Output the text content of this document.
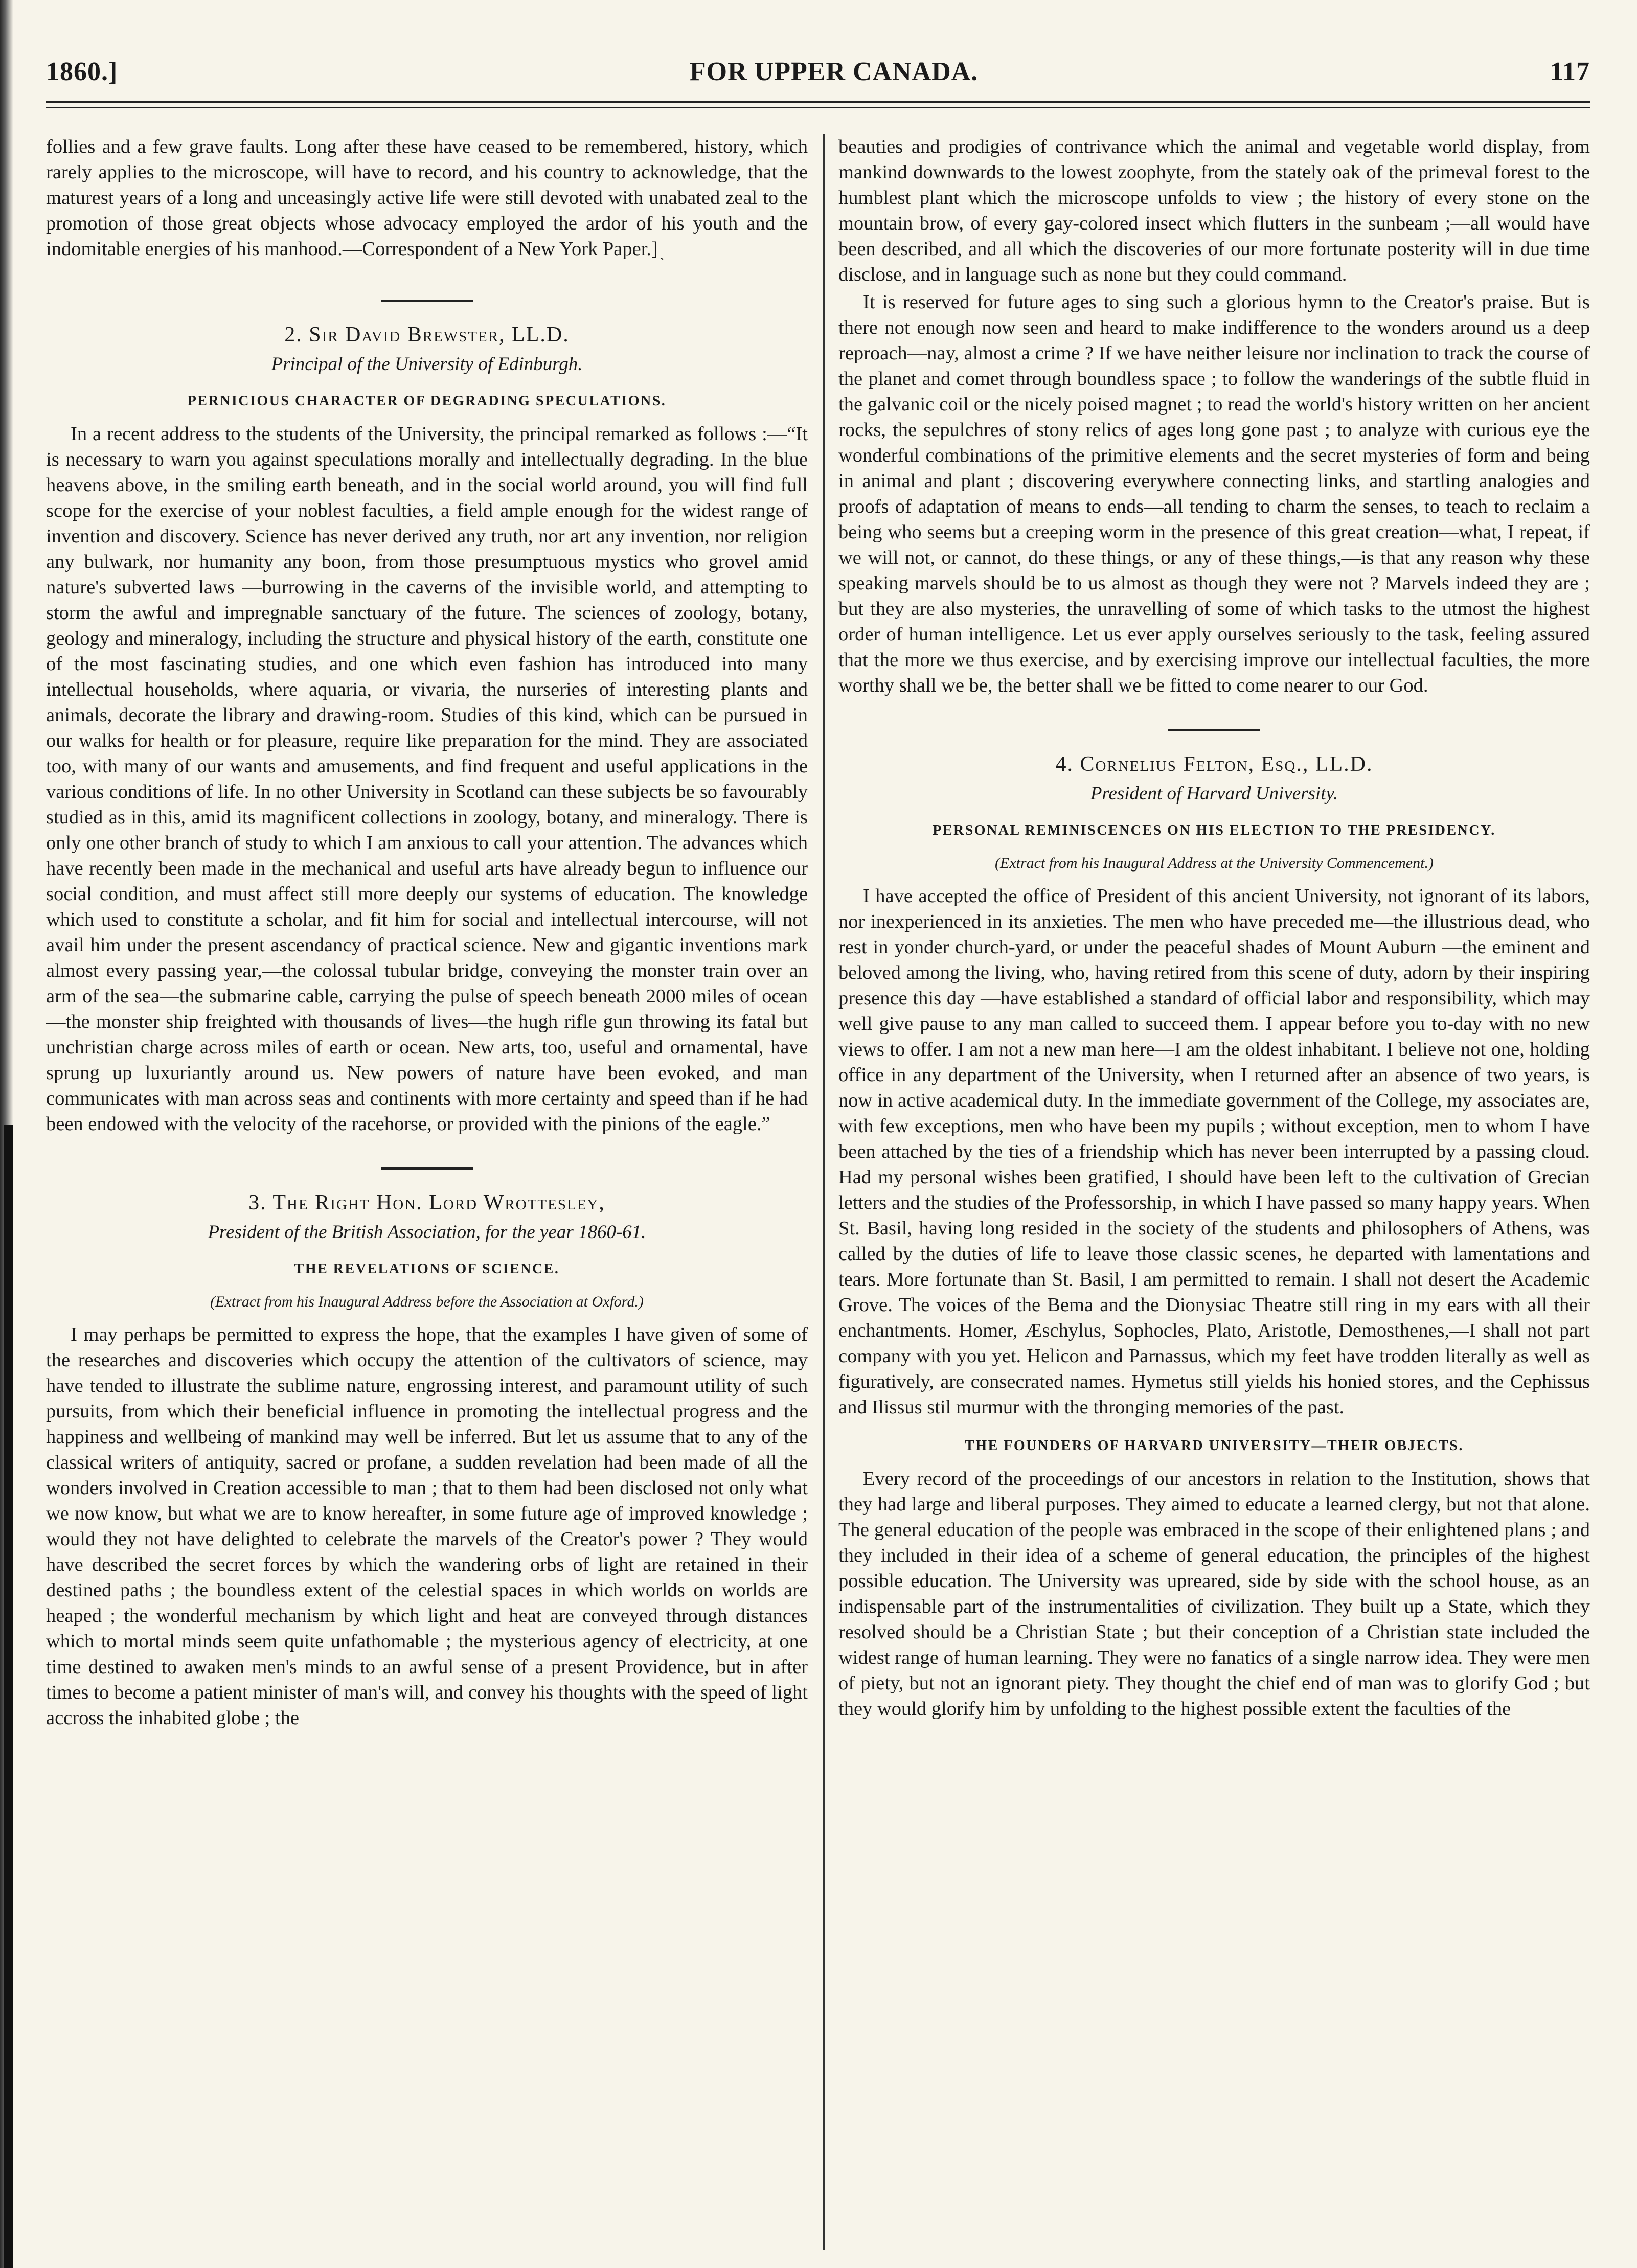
1860.]	FOR UPPER CANADA.	117

follies and a few grave faults. Long after these have ceased to be remembered, history, which rarely applies to the microscope, will have to record, and his country to acknowledge, that the maturest years of a long and unceasingly active life were still devoted with unabated zeal to the promotion of those great objects whose advocacy employed the ardor of his youth and the indomitable energies of his manhood.—Correspondent of a New York Paper.]

ˋ
2. Sir David Brewster, LL.D.
Principal of the University of Edinburgh.
PERNICIOUS CHARACTER OF DEGRADING SPECULATIONS.

In a recent address to the students of the University, the principal remarked as follows :—“It is necessary to warn you against speculations morally and intellectually degrading. In the blue heavens above, in the smiling earth beneath, and in the social world around, you will find full scope for the exercise of your noblest faculties, a field ample enough for the widest range of invention and discovery. Science has never derived any truth, nor art any invention, nor religion any bulwark, nor humanity any boon, from those presumptuous mystics who grovel amid nature's subverted laws —burrowing in the caverns of the invisible world, and attempting to storm the awful and impregnable sanctuary of the future. The sciences of zoology, botany, geology and mineralogy, including the structure and physical history of the earth, constitute one of the most fascinating studies, and one which even fashion has introduced into many intellectual households, where aquaria, or vivaria, the nurseries of interesting plants and animals, decorate the library and drawing-room. Studies of this kind, which can be pursued in our walks for health or for pleasure, require like preparation for the mind. They are associated too, with many of our wants and amusements, and find frequent and useful applications in the various conditions of life. In no other University in Scotland can these subjects be so favourably studied as in this, amid its magnificent collections in zoology, botany, and mineralogy. There is only one other branch of study to which I am anxious to call your attention. The advances which have recently been made in the mechanical and useful arts have already begun to influence our social condition, and must affect still more deeply our systems of education. The knowledge which used to constitute a scholar, and fit him for social and intellectual intercourse, will not avail him under the present ascendancy of practical science. New and gigantic inventions mark almost every passing year,—the colossal tubular bridge, conveying the monster train over an arm of the sea—the submarine cable, carrying the pulse of speech beneath 2000 miles of ocean—the monster ship freighted with thousands of lives—the hugh rifle gun throwing its fatal but unchristian charge across miles of earth or ocean. New arts, too, useful and ornamental, have sprung up luxuriantly around us. New powers of nature have been evoked, and man communicates with man across seas and continents with more certainty and speed than if he had been endowed with the velocity of the racehorse, or provided with the pinions of the eagle.”

3. The Right Hon. Lord Wrottesley,
President of the British Association, for the year 1860-61.
THE REVELATIONS OF SCIENCE.
(Extract from his Inaugural Address before the Association at Oxford.)

I may perhaps be permitted to express the hope, that the examples I have given of some of the researches and discoveries which occupy the attention of the cultivators of science, may have tended to illustrate the sublime nature, engrossing interest, and paramount utility of such pursuits, from which their beneficial influence in promoting the intellectual progress and the happiness and wellbeing of mankind may well be inferred. But let us assume that to any of the classical writers of antiquity, sacred or profane, a sudden revelation had been made of all the wonders involved in Creation accessible to man ; that to them had been disclosed not only what we now know, but what we are to know hereafter, in some future age of improved knowledge ; would they not have delighted to celebrate the marvels of the Creator's power ? They would have described the secret forces by which the wandering orbs of light are retained in their destined paths ; the boundless extent of the celestial spaces in which worlds on worlds are heaped ; the wonderful mechanism by which light and heat are conveyed through distances which to mortal minds seem quite unfathomable ; the mysterious agency of electricity, at one time destined to awaken men's minds to an awful sense of a present Providence, but in after times to become a patient minister of man's will, and convey his thoughts with the speed of light accross the inhabited globe ; the

beauties and prodigies of contrivance which the animal and vegetable world display, from mankind downwards to the lowest zoophyte, from the stately oak of the primeval forest to the humblest plant which the microscope unfolds to view ; the history of every stone on the mountain brow, of every gay-colored insect which flutters in the sunbeam ;—all would have been described, and all which the discoveries of our more fortunate posterity will in due time disclose, and in language such as none but they could command.

It is reserved for future ages to sing such a glorious hymn to the Creator's praise. But is there not enough now seen and heard to make indifference to the wonders around us a deep reproach—nay, almost a crime ? If we have neither leisure nor inclination to track the course of the planet and comet through boundless space ; to follow the wanderings of the subtle fluid in the galvanic coil or the nicely poised magnet ; to read the world's history written on her ancient rocks, the sepulchres of stony relics of ages long gone past ; to analyze with curious eye the wonderful combinations of the primitive elements and the secret mysteries of form and being in animal and plant ; discovering everywhere connecting links, and startling analogies and proofs of adaptation of means to ends—all tending to charm the senses, to teach to reclaim a being who seems but a creeping worm in the presence of this great creation—what, I repeat, if we will not, or cannot, do these things, or any of these things,—is that any reason why these speaking marvels should be to us almost as though they were not ? Marvels indeed they are ; but they are also mysteries, the unravelling of some of which tasks to the utmost the highest order of human intelligence. Let us ever apply ourselves seriously to the task, feeling assured that the more we thus exercise, and by exercising improve our intellectual faculties, the more worthy shall we be, the better shall we be fitted to come nearer to our God.

4. Cornelius Felton, Esq., LL.D.
President of Harvard University.
PERSONAL REMINISCENCES ON HIS ELECTION TO THE PRESIDENCY.
(Extract from his Inaugural Address at the University Commencement.)

I have accepted the office of President of this ancient University, not ignorant of its labors, nor inexperienced in its anxieties. The men who have preceded me—the illustrious dead, who rest in yonder church-yard, or under the peaceful shades of Mount Auburn —the eminent and beloved among the living, who, having retired from this scene of duty, adorn by their inspiring presence this day —have established a standard of official labor and responsibility, which may well give pause to any man called to succeed them. I appear before you to-day with no new views to offer. I am not a new man here—I am the oldest inhabitant. I believe not one, holding office in any department of the University, when I returned after an absence of two years, is now in active academical duty. In the immediate government of the College, my associates are, with few exceptions, men who have been my pupils ; without exception, men to whom I have been attached by the ties of a friendship which has never been interrupted by a passing cloud. Had my personal wishes been gratified, I should have been left to the cultivation of Grecian letters and the studies of the Professorship, in which I have passed so many happy years. When St. Basil, having long resided in the society of the students and philosophers of Athens, was called by the duties of life to leave those classic scenes, he departed with lamentations and tears. More fortunate than St. Basil, I am permitted to remain. I shall not desert the Academic Grove. The voices of the Bema and the Dionysiac Theatre still ring in my ears with all their enchantments. Homer, Æschylus, Sophocles, Plato, Aristotle, Demosthenes,—I shall not part company with you yet. Helicon and Parnassus, which my feet have trodden literally as well as figuratively, are consecrated names. Hymetus still yields his honied stores, and the Cephissus and Ilissus stil murmur with the thronging memories of the past.

THE FOUNDERS OF HARVARD UNIVERSITY—THEIR OBJECTS.

Every record of the proceedings of our ancestors in relation to the Institution, shows that they had large and liberal purposes. They aimed to educate a learned clergy, but not that alone. The general education of the people was embraced in the scope of their enlightened plans ; and they included in their idea of a scheme of general education, the principles of the highest possible education. The University was upreared, side by side with the school house, as an indispensable part of the instrumentalities of civilization. They built up a State, which they resolved should be a Christian State ; but their conception of a Christian state included the widest range of human learning. They were no fanatics of a single narrow idea. They were men of piety, but not an ignorant piety. They thought the chief end of man was to glorify God ; but they would glorify him by unfolding to the highest possible extent the faculties of the
